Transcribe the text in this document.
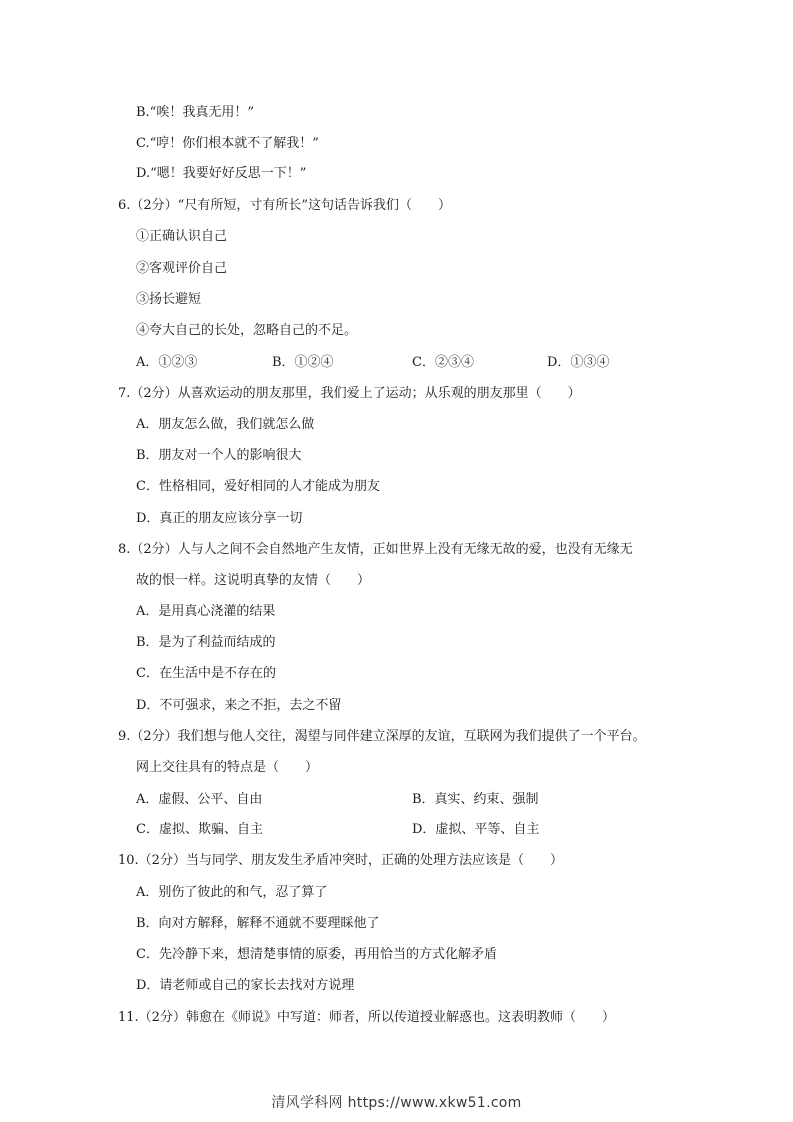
B.“唉！我真无用！”
C.“哼！你们根本就不了解我！”
D.“嗯！我要好好反思一下！”
6.（2分）“尺有所短，寸有所长”这句话告诉我们（　　）
①正确认识自己
②客观评价自己
③扬长避短
④夸大自己的长处，忽略自己的不足。
A．①②③	B．①②④	C．②③④	D．①③④
7.（2分）从喜欢运动的朋友那里，我们爱上了运动；从乐观的朋友那里（　　）
A．朋友怎么做，我们就怎么做
B．朋友对一个人的影响很大
C．性格相同，爱好相同的人才能成为朋友
D．真正的朋友应该分享一切
8.（2分）人与人之间不会自然地产生友情，正如世界上没有无缘无故的爱，也没有无缘无
故的恨一样。这说明真挚的友情（　　）
A．是用真心浇灌的结果
B．是为了利益而结成的
C．在生活中是不存在的
D．不可强求，来之不拒，去之不留
9.（2分）我们想与他人交往，渴望与同伴建立深厚的友谊，互联网为我们提供了一个平台。
网上交往具有的特点是（　　）
A．虚假、公平、自由	B．真实、约束、强制
C．虚拟、欺骗、自主	D．虚拟、平等、自主
10.（2分）当与同学、朋友发生矛盾冲突时，正确的处理方法应该是（　　）
A．别伤了彼此的和气，忍了算了
B．向对方解释，解释不通就不要理睬他了
C．先冷静下来，想清楚事情的原委，再用恰当的方式化解矛盾
D．请老师或自己的家长去找对方说理
11.（2分）韩愈在《师说》中写道：师者，所以传道授业解惑也。这表明教师（　　）
清风学科网 https://www.xkw51.com
